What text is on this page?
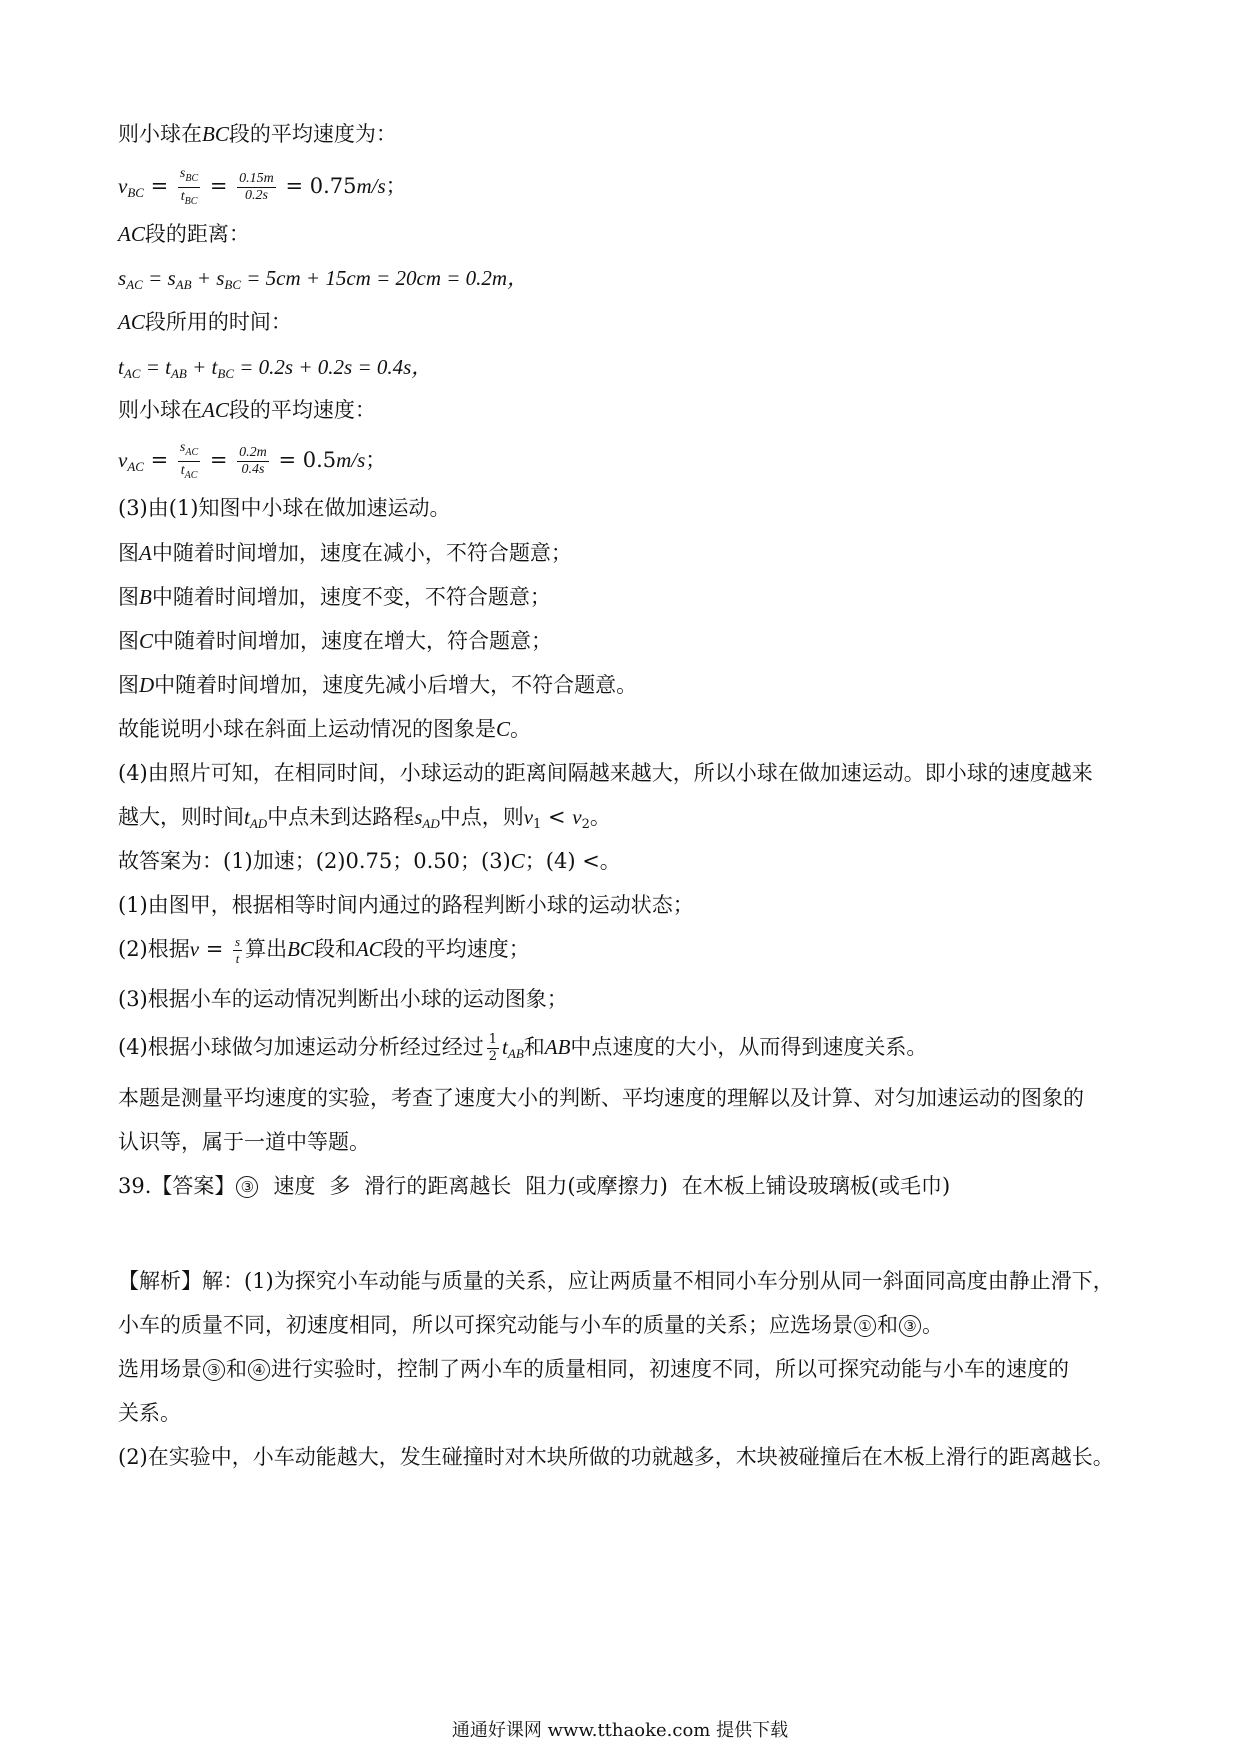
则小球在BC段的平均速度为：
$v_{BC} = \frac{s_{BC}}{t_{BC}} = \frac{0.15m}{0.2s} = 0.75m/s$；
AC段的距离：
$s_{AC} = s_{AB} + s_{BC} = 5cm + 15cm = 20cm = 0.2m$，
AC段所用的时间：
$t_{AC} = t_{AB} + t_{BC} = 0.2s + 0.2s = 0.4s$，
则小球在AC段的平均速度：
$v_{AC} = \frac{s_{AC}}{t_{AC}} = \frac{0.2m}{0.4s} = 0.5m/s$；
(3)由(1)知图中小球在做加速运动。
图A中随着时间增加，速度在减小，不符合题意；
图B中随着时间增加，速度不变，不符合题意；
图C中随着时间增加，速度在增大，符合题意；
图D中随着时间增加，速度先减小后增大，不符合题意。
故能说明小球在斜面上运动情况的图象是C。
(4)由照片可知，在相同时间，小球运动的距离间隔越来越大，所以小球在做加速运动。即小球的速度越来
越大，则时间$t_{AD}$中点未到达路程$s_{AD}$中点，则$v_1 < v_2$。
故答案为：(1)加速；(2)0.75；0.50；(3)C；(4) <。
(1)由图甲，根据相等时间内通过的路程判断小球的运动状态；
(2)根据$v = \frac{s}{t}$ 算出BC段和AC段的平均速度；
(3)根据小车的运动情况判断出小球的运动图象；
(4)根据小球做匀加速运动分析经过经过 $\frac{1}{2} t_{AB}$和AB中点速度的大小，从而得到速度关系。
本题是测量平均速度的实验，考查了速度大小的判断、平均速度的理解以及计算、对匀加速运动的图象的
认识等，属于一道中等题。
39.【答案】 ③ 速度 多 滑行的距离越长 阻力(或摩擦力) 在木板上铺设玻璃板(或毛巾)
【解析】解：(1)为探究小车动能与质量的关系，应让两质量不相同小车分别从同一斜面同高度由静止滑下，
小车的质量不同，初速度相同，所以可探究动能与小车的质量的关系；应选场景 ① 和 ③ 。
选用场景 ③ 和 ④ 进行实验时，控制了两小车的质量相同，初速度不同，所以可探究动能与小车的速度的
关系。
(2)在实验中，小车动能越大，发生碰撞时对木块所做的功就越多，木块被碰撞后在木板上滑行的距离越长。
通通好课网 www.tthaoke.com 提供下载
